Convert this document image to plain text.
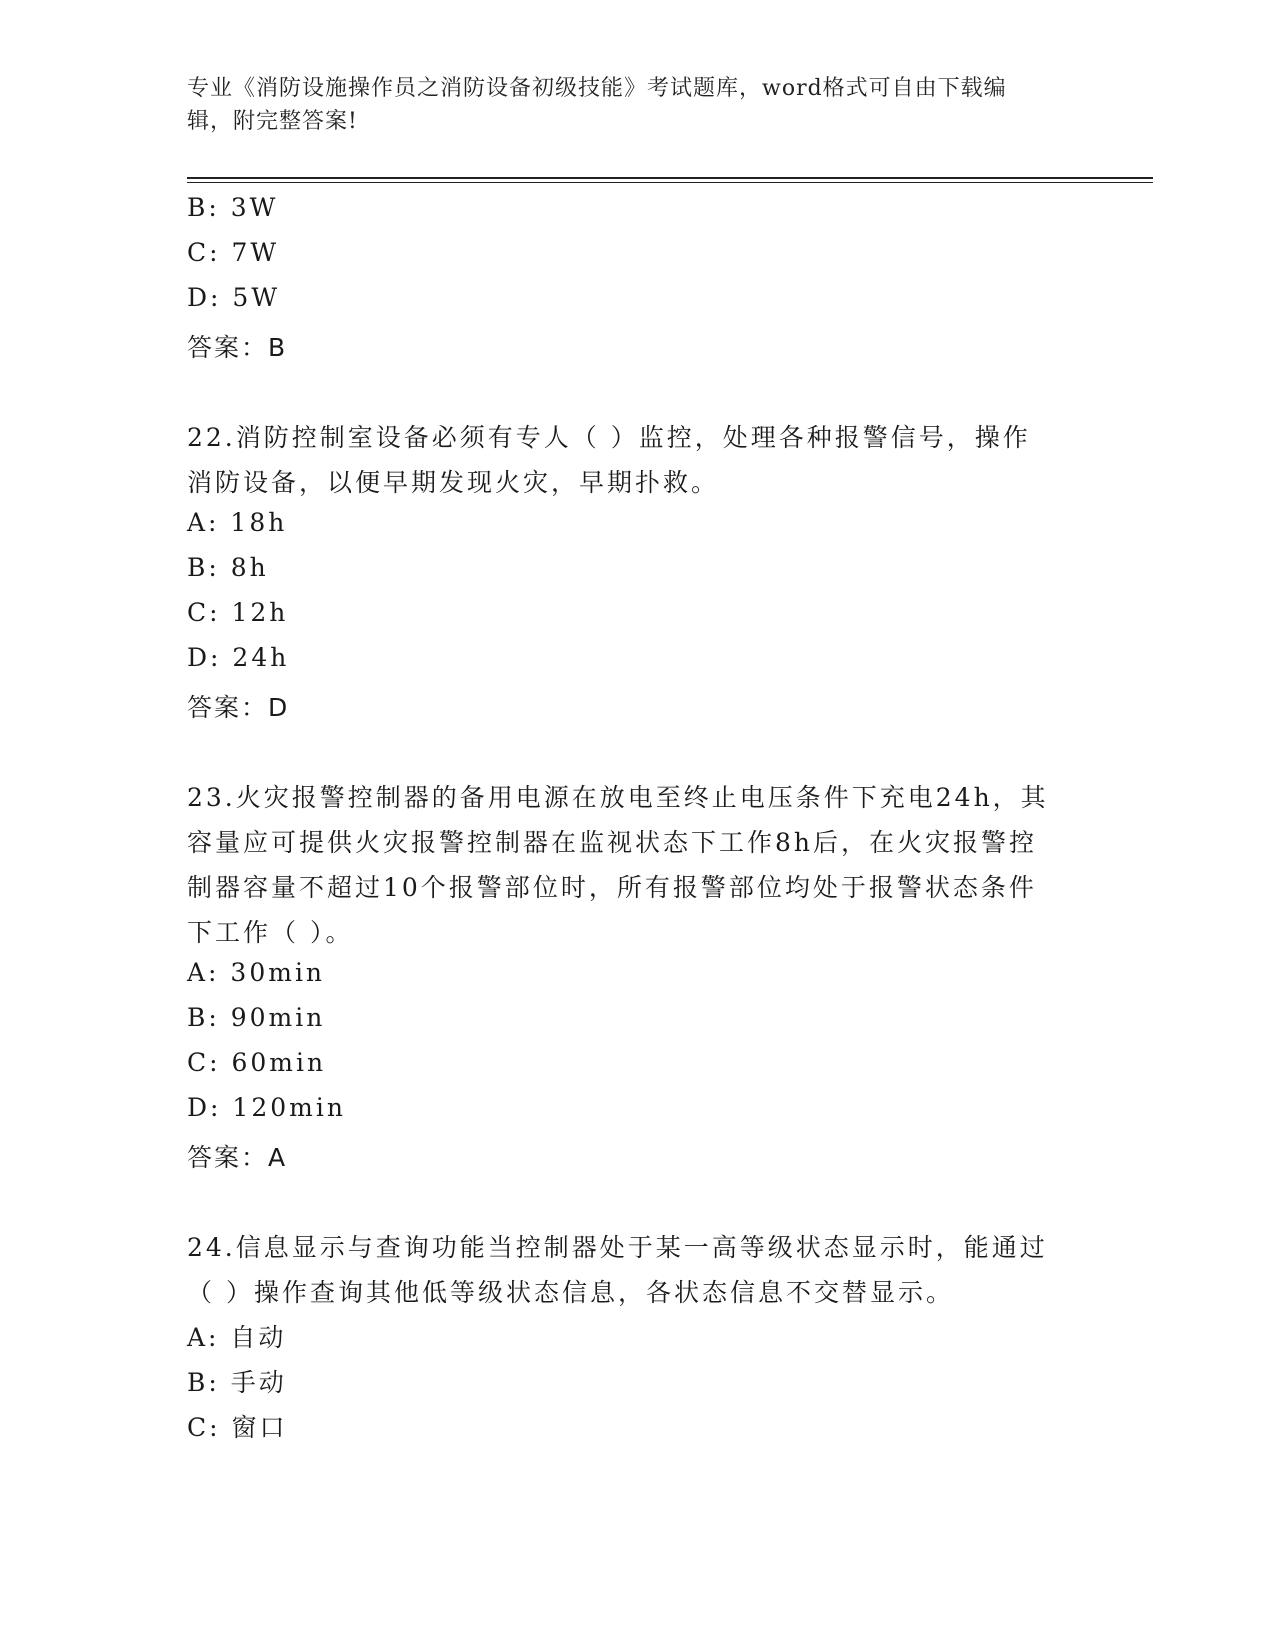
专业《消防设施操作员之消防设备初级技能》考试题库，word格式可自由下载编
辑，附完整答案!
B: 3W
C: 7W
D: 5W
答案：B
22.消防控制室设备必须有专人（ ）监控，处理各种报警信号，操作
消防设备，以便早期发现火灾，早期扑救。
A: 18h
B: 8h
C: 12h
D: 24h
答案：D
23.火灾报警控制器的备用电源在放电至终止电压条件下充电24h，其
容量应可提供火灾报警控制器在监视状态下工作8h后，在火灾报警控
制器容量不超过10个报警部位时，所有报警部位均处于报警状态条件
下工作（ ）。
A: 30min
B: 90min
C: 60min
D: 120min
答案：A
24.信息显示与查询功能当控制器处于某一高等级状态显示时，能通过
（ ）操作查询其他低等级状态信息，各状态信息不交替显示。
A: 自动
B: 手动
C: 窗口
